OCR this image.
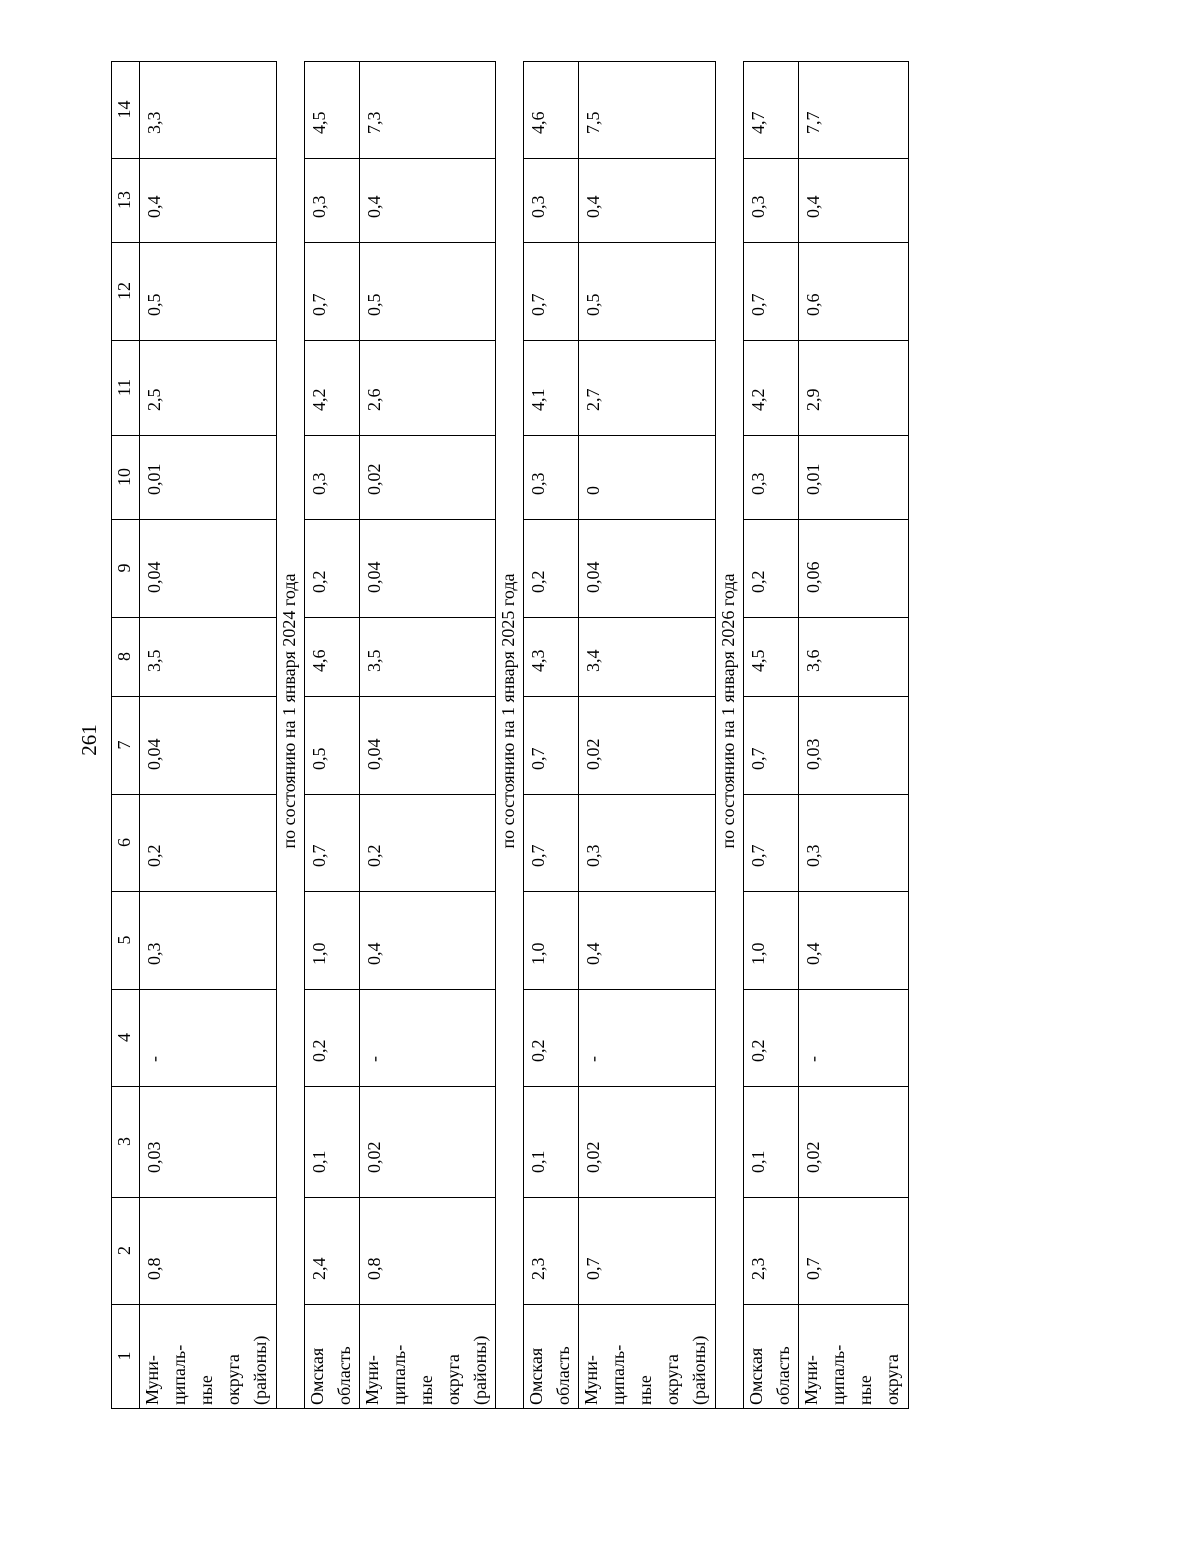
261
1
2
3
4
5
6
7
8
9
10
11
12
13
14
по состоянию на 1 января 2024 года	по состоянию на 1 января 2025 года	по состоянию на 1 января 2026 года
Муни-
ципаль-
ные
округа
(районы)
0,8
0,03
-
0,3
0,2
0,04
3,5
0,04
0,01
2,5
0,5
0,4
3,3
Омская
область
2,4
0,1
0,2
1,0
0,7
0,5
4,6
0,2
0,3
4,2
0,7
0,3
4,5
Муни-
ципаль-
ные
округа
(районы)
0,8
0,02
-
0,4
0,2
0,04
3,5
0,04
0,02
2,6
0,5
0,4
7,3
Омская
область
2,3
0,1
0,2
1,0
0,7
0,7
4,3
0,2
0,3
4,1
0,7
0,3
4,6
Муни-
ципаль-
ные
округа
(районы)
0,7
0,02
-
0,4
0,3
0,02
3,4
0,04
0
2,7
0,5
0,4
7,5
Омская
область
2,3
0,1
0,2
1,0
0,7
0,7
4,5
0,2
0,3
4,2
0,7
0,3
4,7
Муни-
ципаль-
ные
округа
0,7
0,02
-
0,4
0,3
0,03
3,6
0,06
0,01
2,9
0,6
0,4
7,7
